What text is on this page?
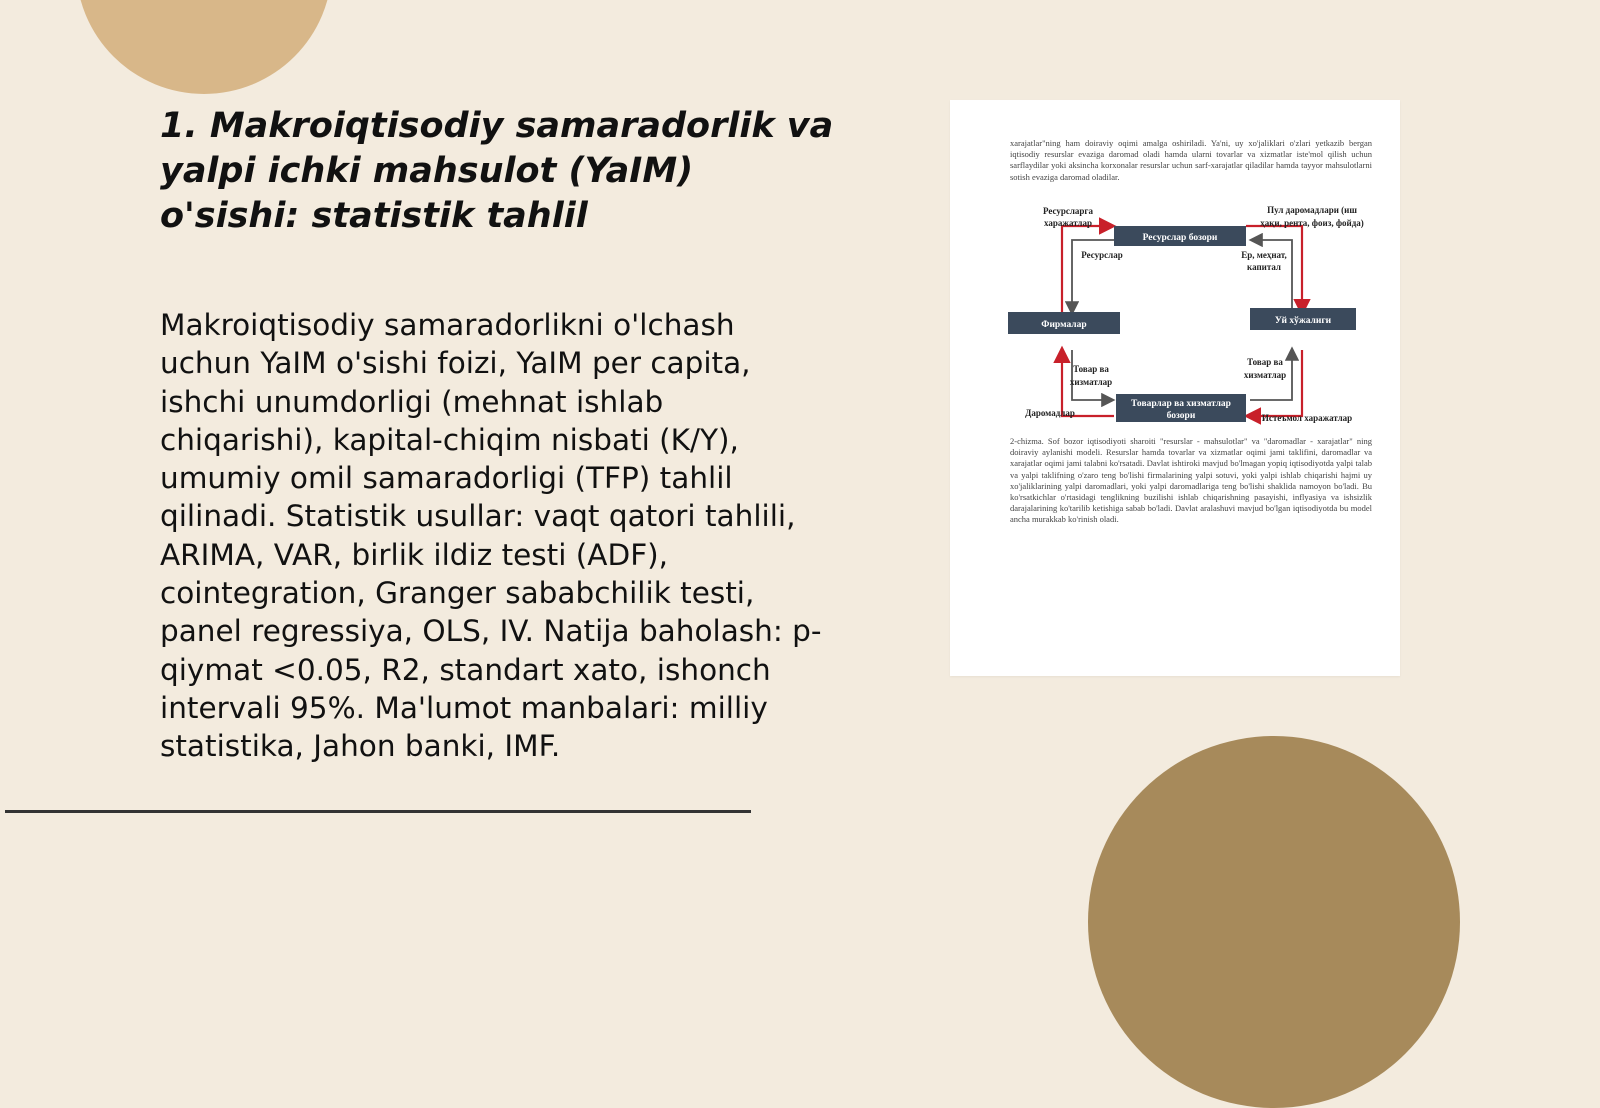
1. Makroiqtisodiy samaradorlik va yalpi ichki mahsulot (YaIM) o'sishi: statistik tahlil

Makroiqtisodiy samaradorlikni o'lchash uchun YaIM o'sishi foizi, YaIM per capita, ishchi unumdorligi (mehnat ishlab chiqarishi), kapital-chiqim nisbati (K/Y), umumiy omil samaradorligi (TFP) tahlil qilinadi. Statistik usullar: vaqt qatori tahlili, ARIMA, VAR, birlik ildiz testi (ADF), cointegration, Granger sababchilik testi, panel regressiya, OLS, IV. Natija baholash: p-qiymat <0.05, R2, standart xato, ishonch intervali 95%. Ma'lumot manbalari: milliy statistika, Jahon banki, IMF.

xarajatlar"ning ham doiraviy oqimi amalga oshiriladi. Ya'ni, uy xo'jaliklari o'zlari yetkazib bergan iqtisodiy resurslar evaziga daromad oladi hamda ularni tovarlar va xizmatlar iste'mol qilish uchun sarflaydilar yoki aksincha korxonalar resurslar uchun sarf-xarajatlar qiladilar hamda tayyor mahsulotlarni sotish evaziga daromad oladilar.

Ресурслар бозори
Фирмалар	Уй хўжалиги
Товарлар ва хизматлар
бозори
Ресурсларга
харажатлар
Пул даромадлари (иш
ҳақи, рента, фоиз, фойда)
Ресурслар	Ер, меҳнат,
капитал
Товар ва
хизматлар
Товар ва
хизматлар
Даромадлар	Истеъмол харажатлар

2-chizma. Sof bozor iqtisodiyoti sharoiti "resurslar - mahsulotlar" va "daromadlar - xarajatlar" ning doiraviy aylanishi modeli. Resurslar hamda tovarlar va xizmatlar oqimi jami taklifini, daromadlar va xarajatlar oqimi jami talabni ko'rsatadi. Davlat ishtiroki mavjud bo'lmagan yopiq iqtisodiyotda yalpi talab va yalpi taklifning o'zaro teng bo'lishi firmalarining yalpi sotuvi, yoki yalpi ishlab chiqarishi hajmi uy xo'jaliklarining yalpi daromadlari, yoki yalpi daromadlariga teng bo'lishi shaklida namoyon bo'ladi. Bu ko'rsatkichlar o'rtasidagi tenglikning buzilishi ishlab chiqarishning pasayishi, inflyasiya va ishsizlik darajalarining ko'tarilib ketishiga sabab bo'ladi. Davlat aralashuvi mavjud bo'lgan iqtisodiyotda bu model ancha murakkab ko'rinish oladi.
